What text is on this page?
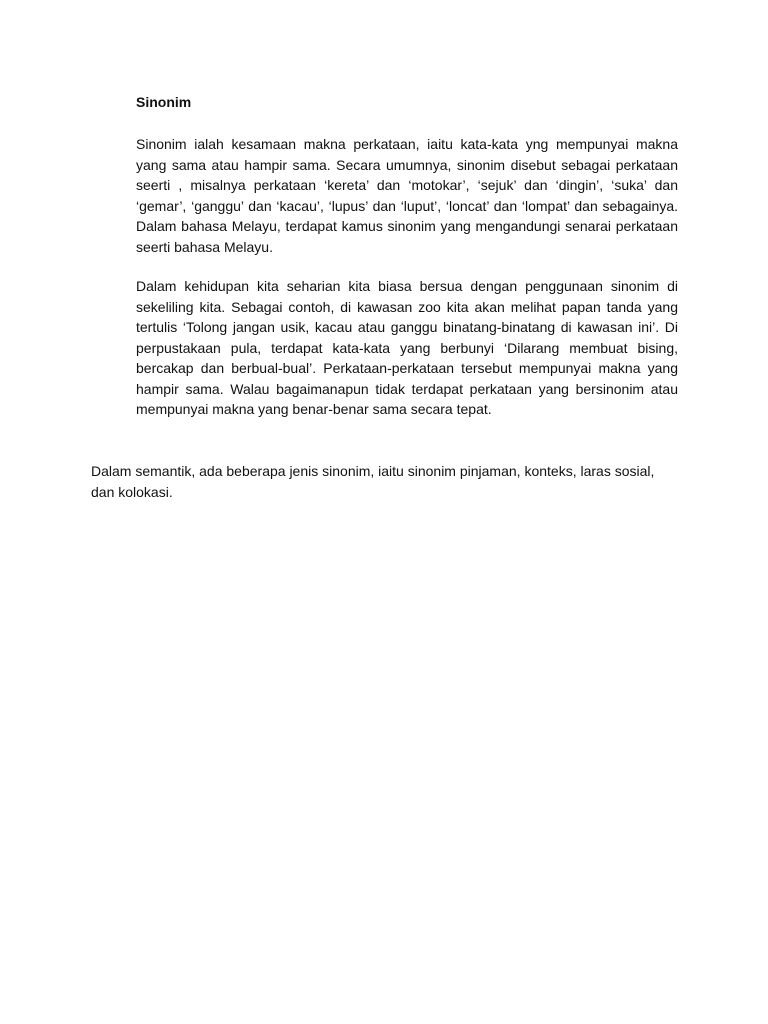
Sinonim

Sinonim ialah kesamaan makna perkataan, iaitu kata-kata yng mempunyai makna yang sama atau hampir sama. Secara umumnya, sinonim disebut sebagai perkataan seerti , misalnya perkataan ‘kereta’ dan ‘motokar’, ‘sejuk’ dan ‘dingin’, ‘suka’ dan ‘gemar’, ‘ganggu’ dan ‘kacau’, ‘lupus’ dan ‘luput’, ‘loncat’ dan ‘lompat’ dan sebagainya. Dalam bahasa Melayu, terdapat kamus sinonim yang mengandungi senarai perkataan seerti bahasa Melayu.

Dalam kehidupan kita seharian kita biasa bersua dengan penggunaan sinonim di sekeliling kita. Sebagai contoh, di kawasan zoo kita akan melihat papan tanda yang tertulis ‘Tolong jangan usik, kacau atau ganggu binatang-binatang di kawasan ini’. Di perpustakaan pula, terdapat kata-kata yang berbunyi ‘Dilarang membuat bising, bercakap dan berbual-bual’. Perkataan-perkataan tersebut mempunyai makna yang hampir sama. Walau bagaimanapun tidak terdapat perkataan yang bersinonim atau mempunyai makna yang benar-benar sama secara tepat.

Dalam semantik, ada beberapa jenis sinonim, iaitu sinonim pinjaman, konteks, laras sosial, dan kolokasi.
